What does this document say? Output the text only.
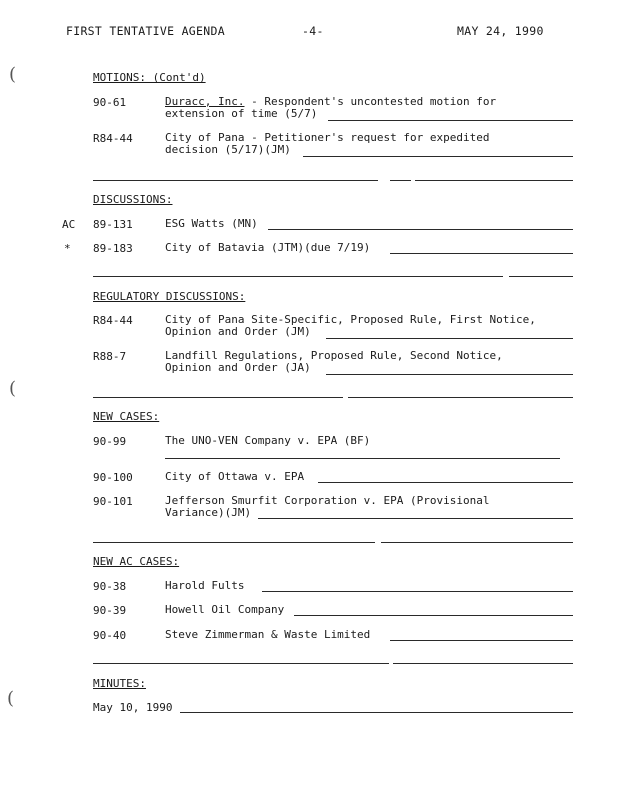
FIRST TENTATIVE AGENDA	-4-	MAY 24, 1990
(
(
(
MOTIONS: (Cont'd)
90-61	Duracc, Inc. - Respondent's uncontested motion for
extension of time (5/7)
R84-44	City of Pana - Petitioner's request for expedited
decision (5/17)(JM)
DISCUSSIONS:
AC 89-131	ESG Watts (MN)
* 89-183	City of Batavia (JTM)(due 7/19)
REGULATORY DISCUSSIONS:
R84-44	City of Pana Site-Specific, Proposed Rule, First Notice,
Opinion and Order (JM)
R88-7	Landfill Regulations, Proposed Rule, Second Notice,
Opinion and Order (JA)
NEW CASES:
90-99	The UNO-VEN Company v. EPA (BF)
90-100	City of Ottawa v. EPA
90-101	Jefferson Smurfit Corporation v. EPA (Provisional
Variance)(JM)
NEW AC CASES:
90-38	Harold Fults
90-39	Howell Oil Company
90-40	Steve Zimmerman & Waste Limited
MINUTES:
May 10, 1990
